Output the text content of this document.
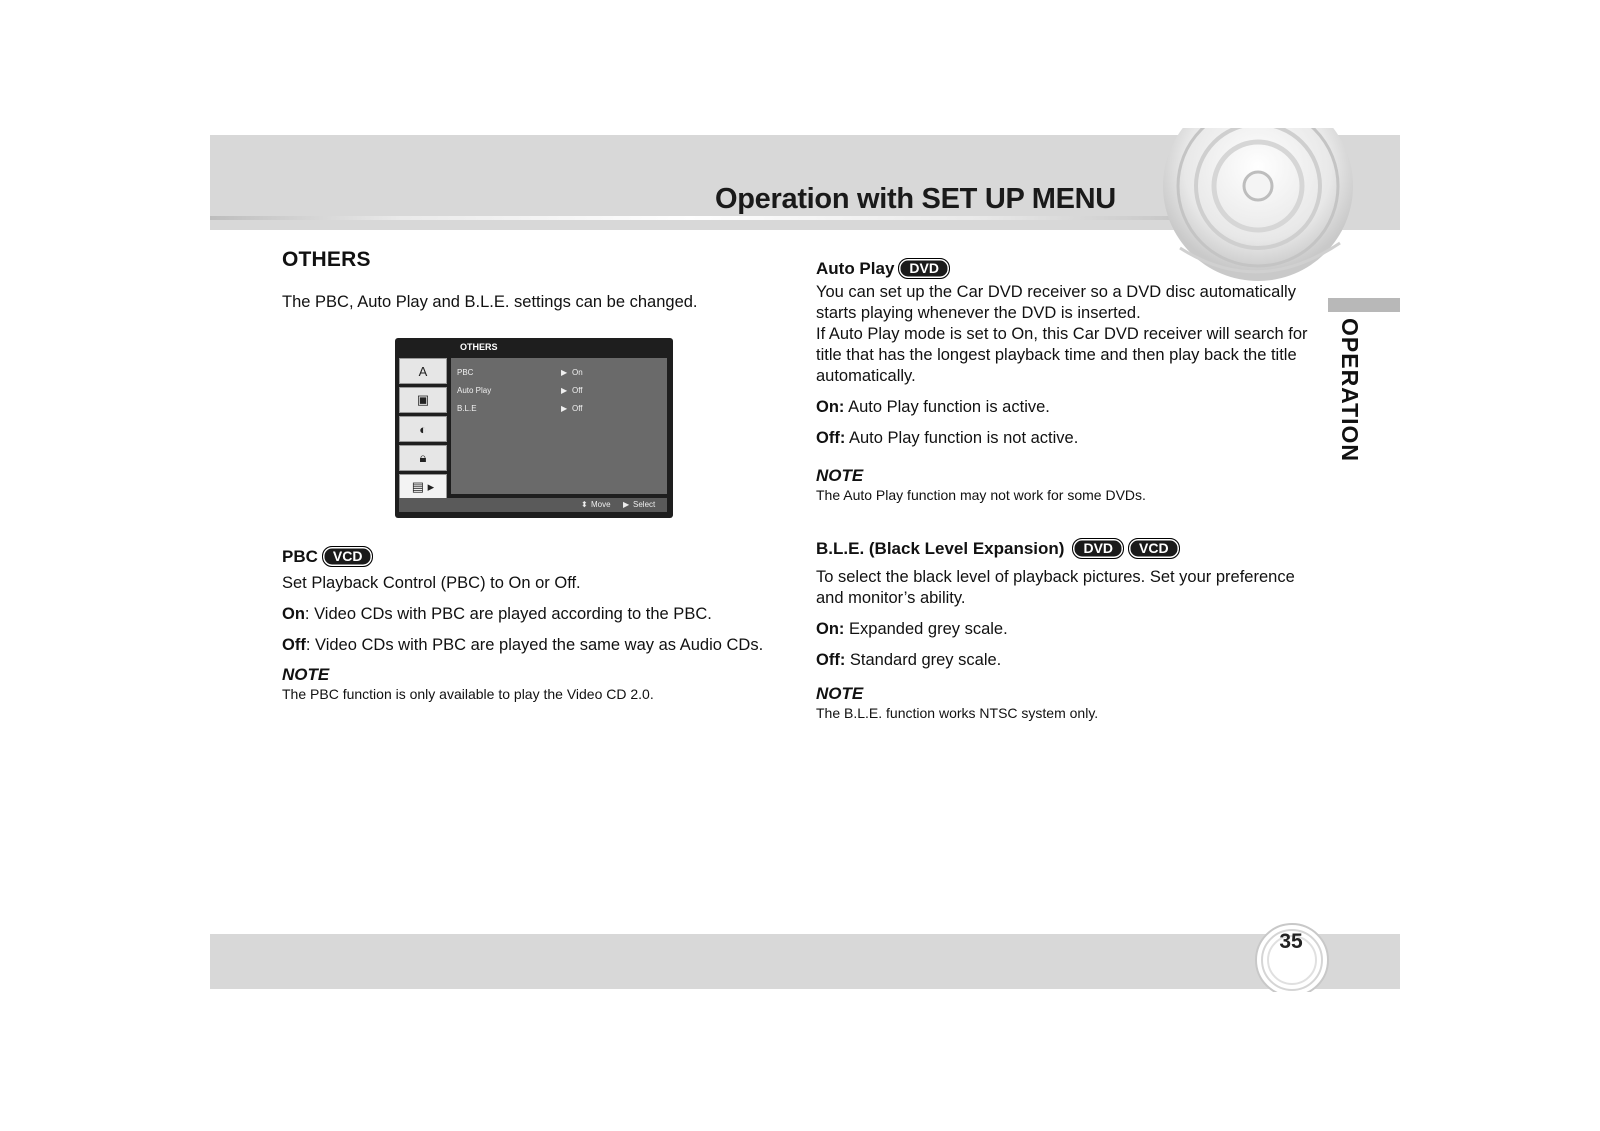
Operation with SET UP MENU
OPERATION
OTHERS

The PBC, Auto Play and B.L.E. settings can be changed.

OTHERS
A
▣
◐
🔒︎
▤ ▸
PBC	▶ On
Auto Play	▶ Off
B.L.E	▶ Off
⬍ Move ▶ Select
PBC	VCD

Set Playback Control (PBC) to On or Off.

On: Video CDs with PBC are played according to the PBC.

Off: Video CDs with PBC are played the same way as Audio CDs.

NOTE

The PBC function is only available to play the Video CD 2.0.

Auto Play	DVD

You can set up the Car DVD receiver so a DVD disc automatically starts playing whenever the DVD is inserted.

If Auto Play mode is set to On, this Car DVD receiver will search for title that has the longest playback time and then play back the title automatically.

On: Auto Play function is active.

Off: Auto Play function is not active.

NOTE

The Auto Play function may not work for some DVDs.

B.L.E. (Black Level Expansion)	DVD	VCD

To select the black level of playback pictures. Set your preference and monitor’s ability.

On: Expanded grey scale.

Off: Standard grey scale.

NOTE

The B.L.E. function works NTSC system only.

35
